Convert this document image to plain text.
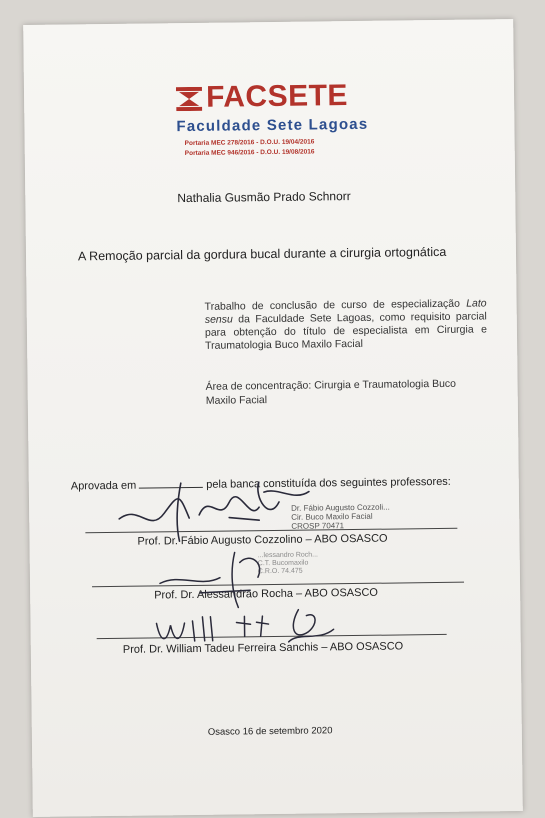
FACSETE
Faculdade Sete Lagoas
Portaria MEC 278/2016 - D.O.U. 19/04/2016
Portaria MEC 946/2016 - D.O.U. 19/08/2016
Nathalia Gusmão Prado Schnorr
A Remoção parcial da gordura bucal durante a cirurgia ortognática
Trabalho de conclusão de curso de especialização Lato sensu da Faculdade Sete Lagoas, como requisito parcial para obtenção do título de especialista em Cirurgia e Traumatologia Buco Maxilo Facial
Área de concentração: Cirurgia e Traumatologia Buco Maxilo Facial
Aprovada em	pela banca constituída dos seguintes professores:
Dr. Fábio Augusto Cozzoli...
Cir. Buco Maxilo Facial
CROSP 70471
Prof. Dr. Fábio Augusto Cozzolino – ABO OSASCO
...lessandro Roch...
C.T. Bucomaxilo
C.R.O. 74.475
Prof. Dr. Alessandrao Rocha – ABO OSASCO
Prof. Dr. William Tadeu Ferreira Sanchis – ABO OSASCO
Osasco 16 de setembro 2020
